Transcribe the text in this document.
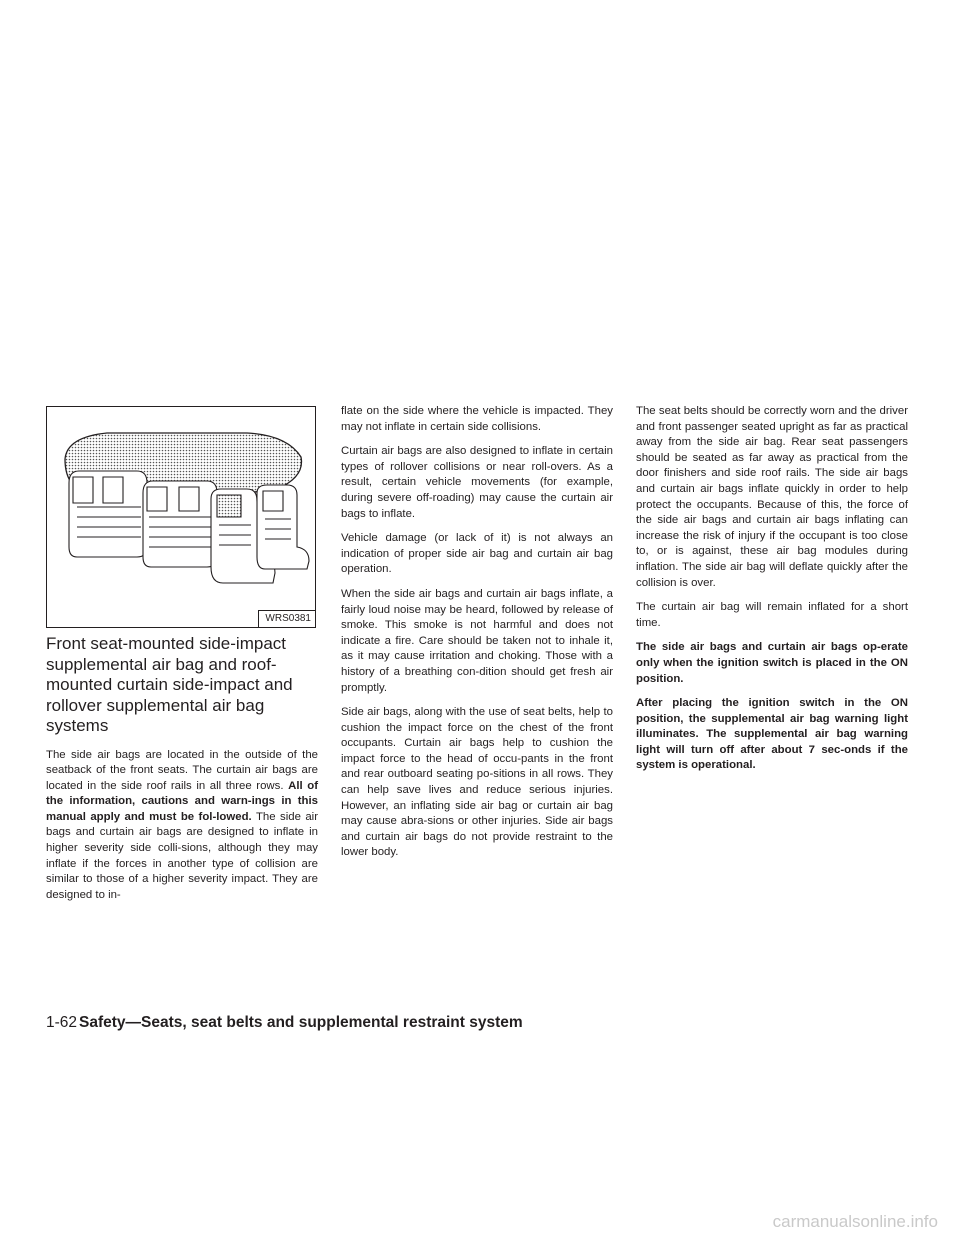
WRS0381
Front seat-mounted side-impact supplemental air bag and roof-mounted curtain side-impact and rollover supplemental air bag systems

The side air bags are located in the outside of the seatback of the front seats. The curtain air bags are located in the side roof rails in all three rows. All of the information, cautions and warn-ings in this manual apply and must be fol-lowed. The side air bags and curtain air bags are designed to inflate in higher severity side colli-sions, although they may inflate if the forces in another type of collision are similar to those of a higher severity impact. They are designed to in-

flate on the side where the vehicle is impacted. They may not inflate in certain side collisions.

Curtain air bags are also designed to inflate in certain types of rollover collisions or near roll-overs. As a result, certain vehicle movements (for example, during severe off-roading) may cause the curtain air bags to inflate.

Vehicle damage (or lack of it) is not always an indication of proper side air bag and curtain air bag operation.

When the side air bags and curtain air bags inflate, a fairly loud noise may be heard, followed by release of smoke. This smoke is not harmful and does not indicate a fire. Care should be taken not to inhale it, as it may cause irritation and choking. Those with a history of a breathing con-dition should get fresh air promptly.

Side air bags, along with the use of seat belts, help to cushion the impact force on the chest of the front occupants. Curtain air bags help to cushion the impact force to the head of occu-pants in the front and rear outboard seating po-sitions in all rows. They can help save lives and reduce serious injuries. However, an inflating side air bag or curtain air bag may cause abra-sions or other injuries. Side air bags and curtain air bags do not provide restraint to the lower body.

The seat belts should be correctly worn and the driver and front passenger seated upright as far as practical away from the side air bag. Rear seat passengers should be seated as far away as practical from the door finishers and side roof rails. The side air bags and curtain air bags inflate quickly in order to help protect the occupants. Because of this, the force of the side air bags and curtain air bags inflating can increase the risk of injury if the occupant is too close to, or is against, these air bag modules during inflation. The side air bag will deflate quickly after the collision is over.

The curtain air bag will remain inflated for a short time.

The side air bags and curtain air bags op-erate only when the ignition switch is placed in the ON position.

After placing the ignition switch in the ON position, the supplemental air bag warning light illuminates. The supplemental air bag warning light will turn off after about 7 sec-onds if the system is operational.

1-62 Safety—Seats, seat belts and supplemental restraint system
carmanualsonline.info
